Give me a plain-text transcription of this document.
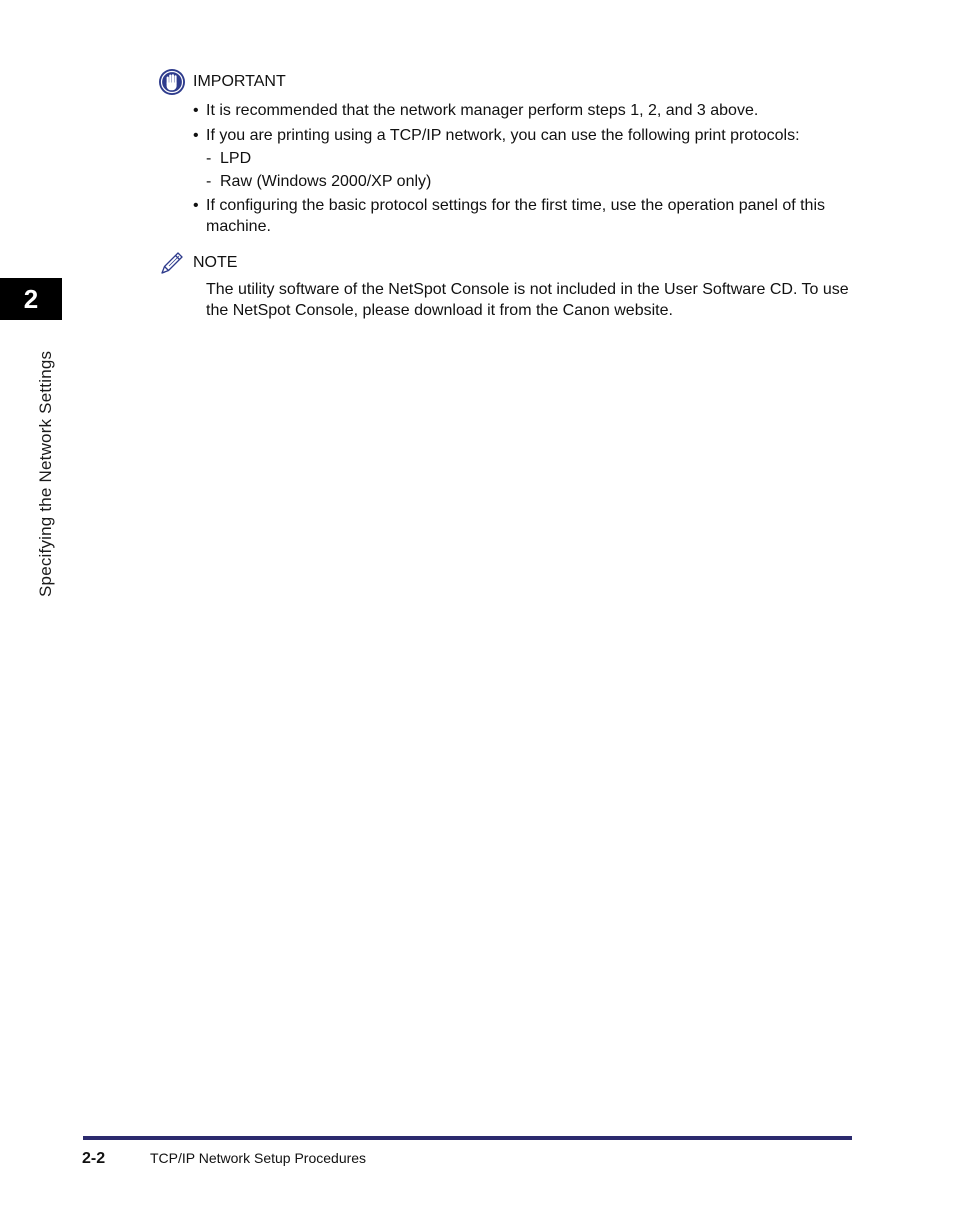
2
Specifying the Network Settings
IMPORTANT
• It is recommended that the network manager perform steps 1, 2, and 3 above.
• If you are printing using a TCP/IP network, you can use the following print protocols:
- LPD
- Raw (Windows 2000/XP only)
• If configuring the basic protocol settings for the first time, use the operation panel of this machine.
NOTE
The utility software of the NetSpot Console is not included in the User Software CD. To use the NetSpot Console, please download it from the Canon website.
2-2	TCP/IP Network Setup Procedures
